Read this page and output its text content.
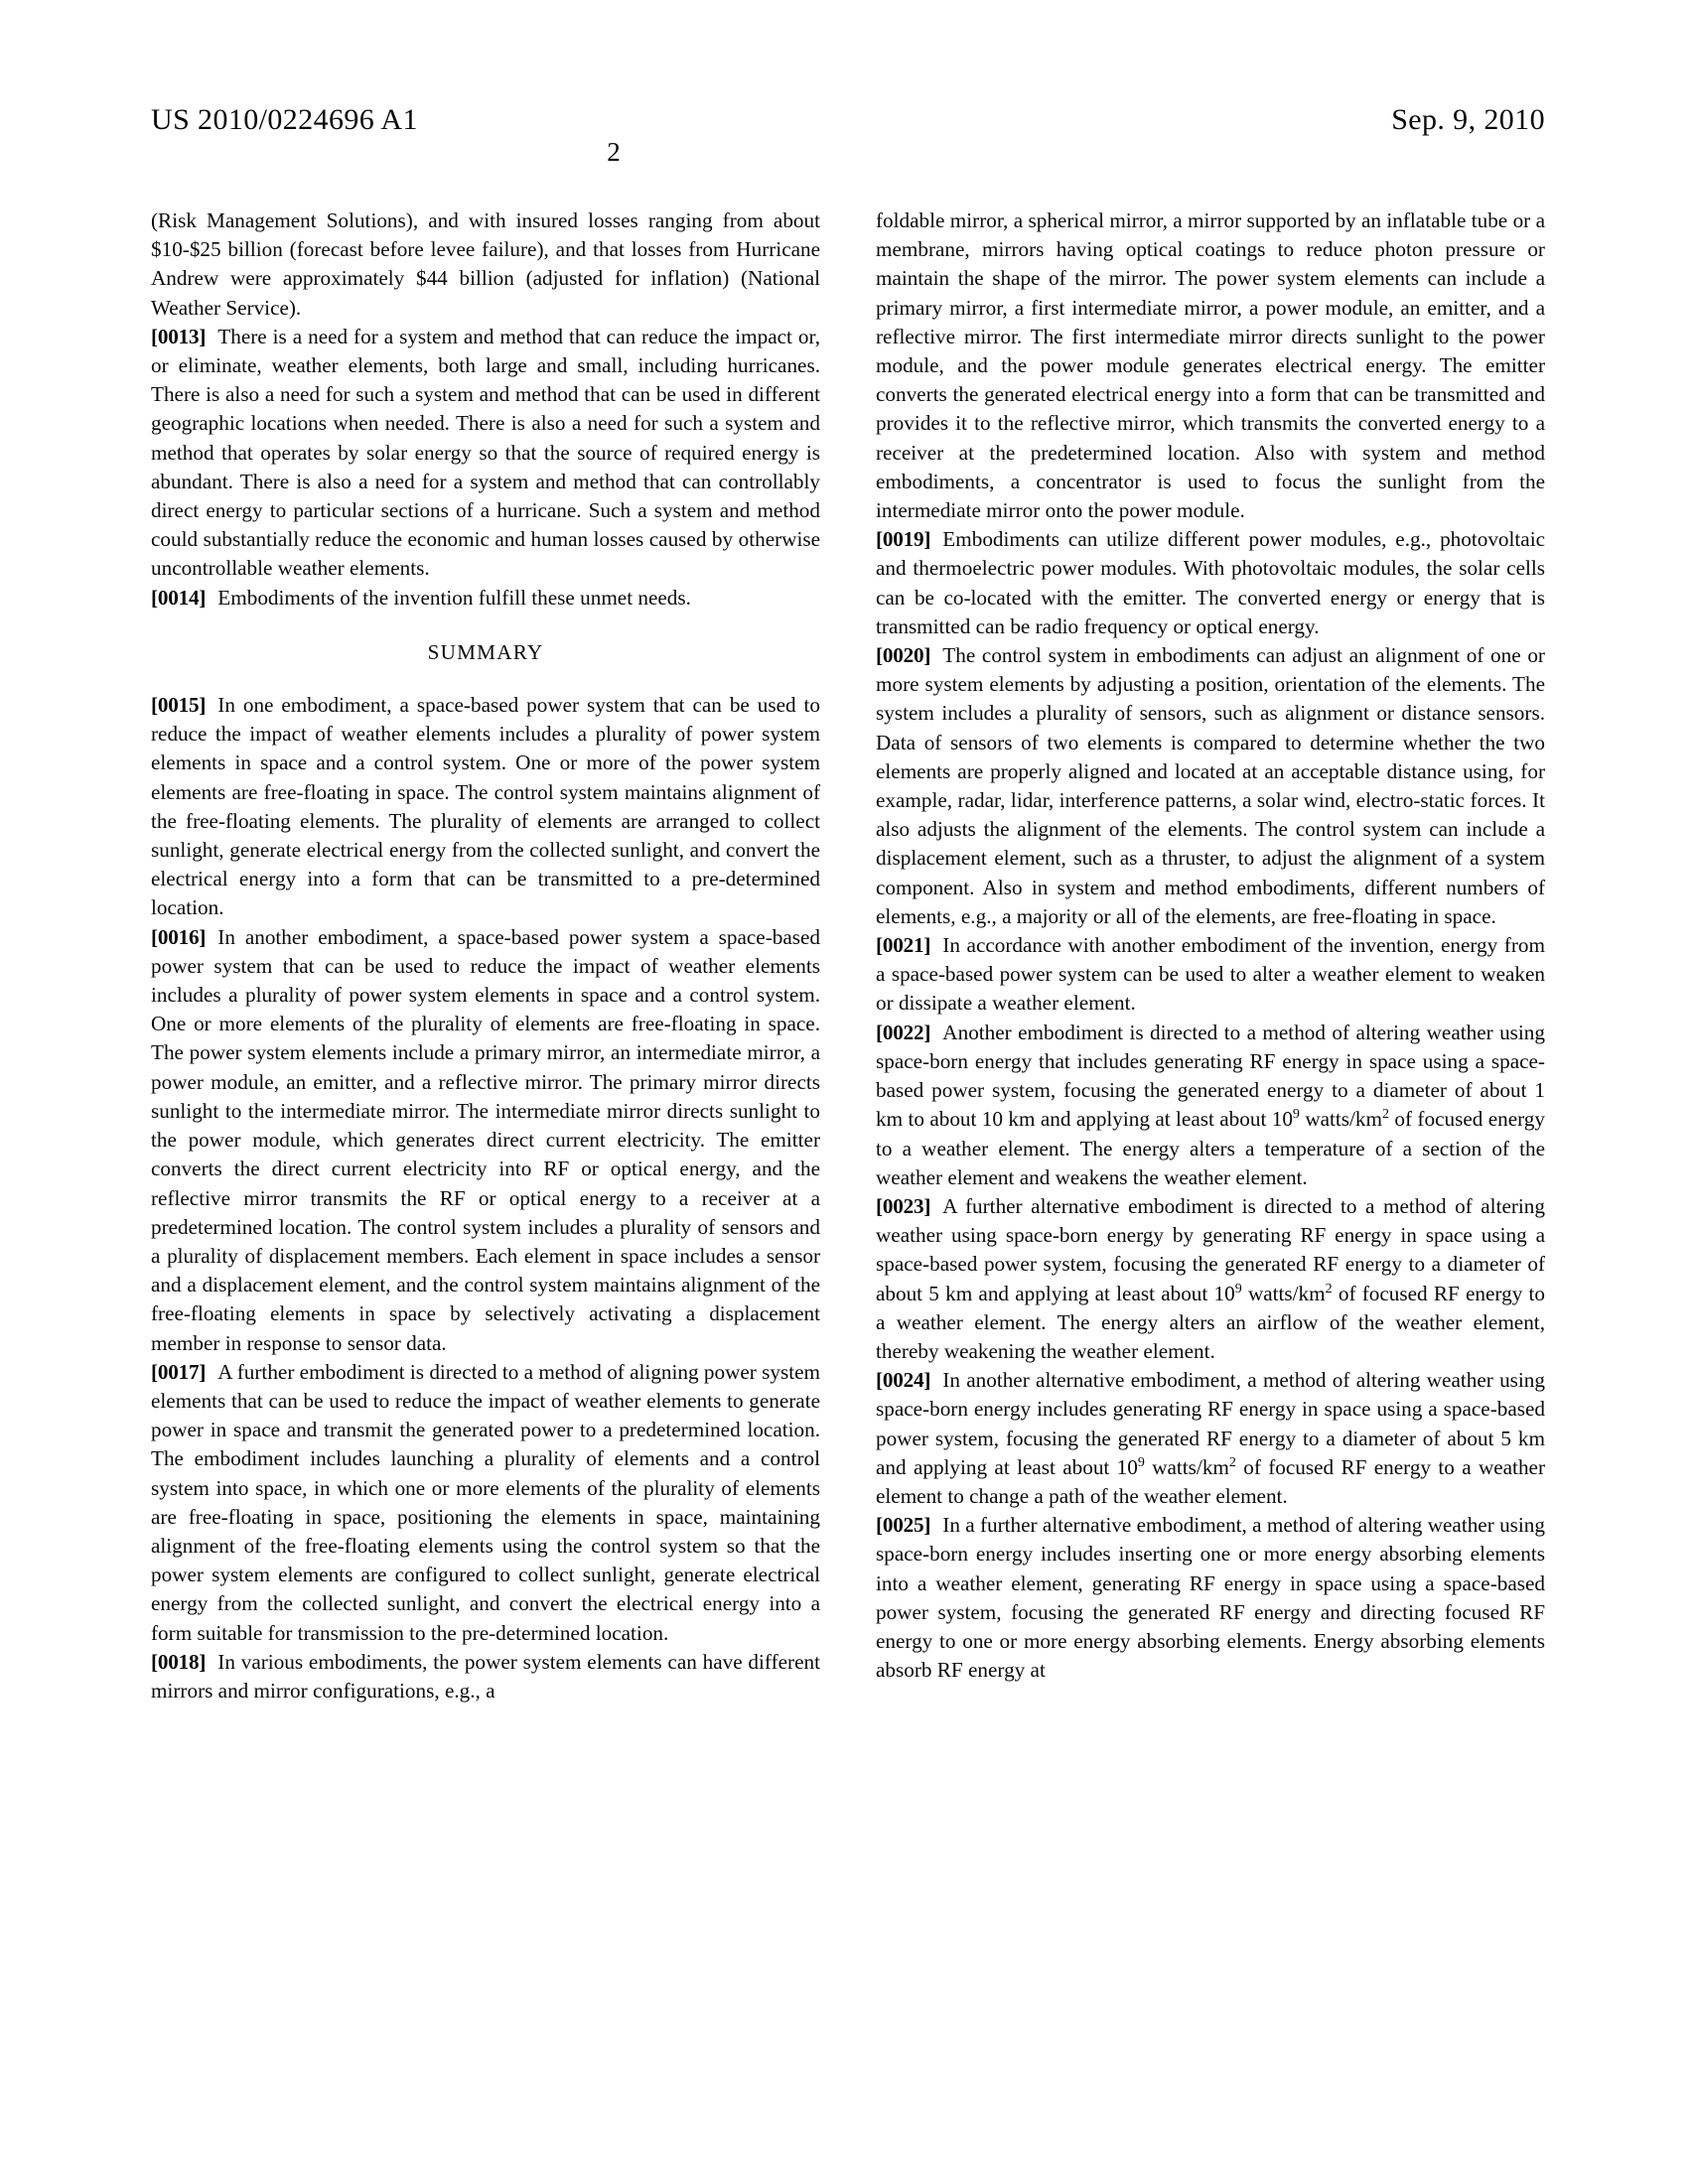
US 2010/0224696 A1	Sep. 9, 2010
2

(Risk Management Solutions), and with insured losses ranging from about $10-$25 billion (forecast before levee failure), and that losses from Hurricane Andrew were approximately $44 billion (adjusted for inflation) (National Weather Service).

[0013] There is a need for a system and method that can reduce the impact or, or eliminate, weather elements, both large and small, including hurricanes. There is also a need for such a system and method that can be used in different geographic locations when needed. There is also a need for such a system and method that operates by solar energy so that the source of required energy is abundant. There is also a need for a system and method that can controllably direct energy to particular sections of a hurricane. Such a system and method could substantially reduce the economic and human losses caused by otherwise uncontrollable weather elements.

[0014] Embodiments of the invention fulfill these unmet needs.

SUMMARY

[0015] In one embodiment, a space-based power system that can be used to reduce the impact of weather elements includes a plurality of power system elements in space and a control system. One or more of the power system elements are free-floating in space. The control system maintains alignment of the free-floating elements. The plurality of elements are arranged to collect sunlight, generate electrical energy from the collected sunlight, and convert the electrical energy into a form that can be transmitted to a pre-determined location.

[0016] In another embodiment, a space-based power system a space-based power system that can be used to reduce the impact of weather elements includes a plurality of power system elements in space and a control system. One or more elements of the plurality of elements are free-floating in space. The power system elements include a primary mirror, an intermediate mirror, a power module, an emitter, and a reflective mirror. The primary mirror directs sunlight to the intermediate mirror. The intermediate mirror directs sunlight to the power module, which generates direct current electricity. The emitter converts the direct current electricity into RF or optical energy, and the reflective mirror transmits the RF or optical energy to a receiver at a predetermined location. The control system includes a plurality of sensors and a plurality of displacement members. Each element in space includes a sensor and a displacement element, and the control system maintains alignment of the free-floating elements in space by selectively activating a displacement member in response to sensor data.

[0017] A further embodiment is directed to a method of aligning power system elements that can be used to reduce the impact of weather elements to generate power in space and transmit the generated power to a predetermined location. The embodiment includes launching a plurality of elements and a control system into space, in which one or more elements of the plurality of elements are free-floating in space, positioning the elements in space, maintaining alignment of the free-floating elements using the control system so that the power system elements are configured to collect sunlight, generate electrical energy from the collected sunlight, and convert the electrical energy into a form suitable for transmission to the pre-determined location.

[0018] In various embodiments, the power system elements can have different mirrors and mirror configurations, e.g., a

foldable mirror, a spherical mirror, a mirror supported by an inflatable tube or a membrane, mirrors having optical coatings to reduce photon pressure or maintain the shape of the mirror. The power system elements can include a primary mirror, a first intermediate mirror, a power module, an emitter, and a reflective mirror. The first intermediate mirror directs sunlight to the power module, and the power module generates electrical energy. The emitter converts the generated electrical energy into a form that can be transmitted and provides it to the reflective mirror, which transmits the converted energy to a receiver at the predetermined location. Also with system and method embodiments, a concentrator is used to focus the sunlight from the intermediate mirror onto the power module.

[0019] Embodiments can utilize different power modules, e.g., photovoltaic and thermoelectric power modules. With photovoltaic modules, the solar cells can be co-located with the emitter. The converted energy or energy that is transmitted can be radio frequency or optical energy.

[0020] The control system in embodiments can adjust an alignment of one or more system elements by adjusting a position, orientation of the elements. The system includes a plurality of sensors, such as alignment or distance sensors. Data of sensors of two elements is compared to determine whether the two elements are properly aligned and located at an acceptable distance using, for example, radar, lidar, interference patterns, a solar wind, electro-static forces. It also adjusts the alignment of the elements. The control system can include a displacement element, such as a thruster, to adjust the alignment of a system component. Also in system and method embodiments, different numbers of elements, e.g., a majority or all of the elements, are free-floating in space.

[0021] In accordance with another embodiment of the invention, energy from a space-based power system can be used to alter a weather element to weaken or dissipate a weather element.

[0022] Another embodiment is directed to a method of altering weather using space-born energy that includes generating RF energy in space using a space-based power system, focusing the generated energy to a diameter of about 1 km to about 10 km and applying at least about $10^9$ watts/$km^2$ of focused energy to a weather element. The energy alters a temperature of a section of the weather element and weakens the weather element.

[0023] A further alternative embodiment is directed to a method of altering weather using space-born energy by generating RF energy in space using a space-based power system, focusing the generated RF energy to a diameter of about 5 km and applying at least about $10^9$ watts/$km^2$ of focused RF energy to a weather element. The energy alters an airflow of the weather element, thereby weakening the weather element.

[0024] In another alternative embodiment, a method of altering weather using space-born energy includes generating RF energy in space using a space-based power system, focusing the generated RF energy to a diameter of about 5 km and applying at least about $10^9$ watts/$km^2$ of focused RF energy to a weather element to change a path of the weather element.

[0025] In a further alternative embodiment, a method of altering weather using space-born energy includes inserting one or more energy absorbing elements into a weather element, generating RF energy in space using a space-based power system, focusing the generated RF energy and directing focused RF energy to one or more energy absorbing elements. Energy absorbing elements absorb RF energy at
